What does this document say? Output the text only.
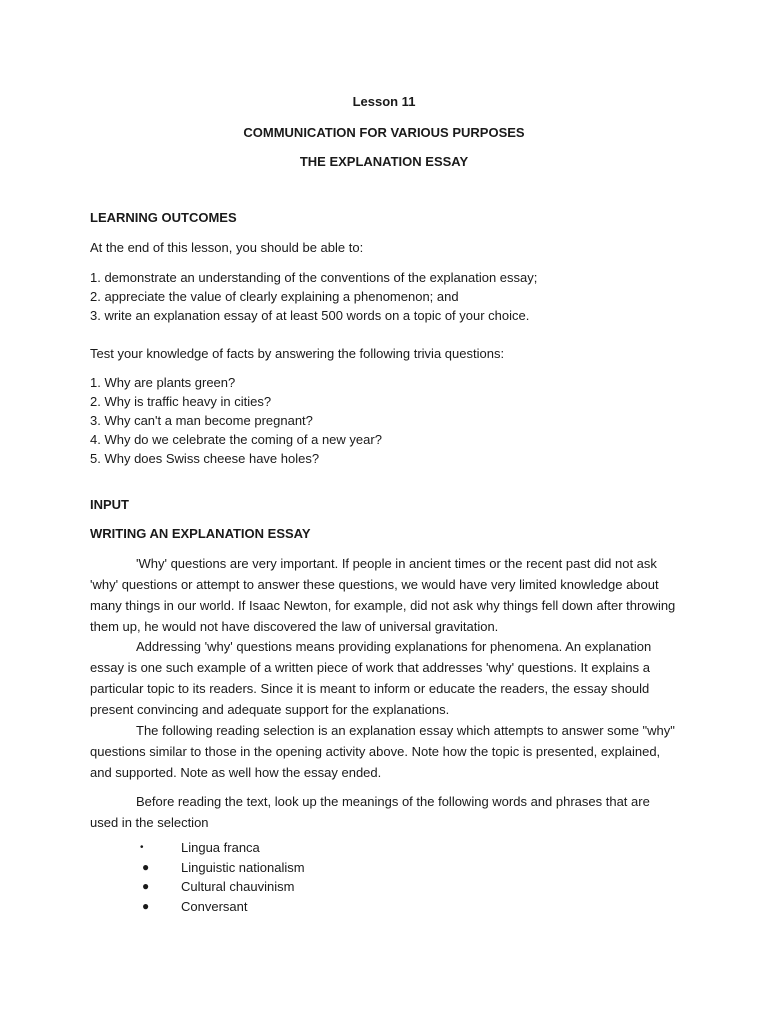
Lesson 11
COMMUNICATION FOR VARIOUS PURPOSES
THE EXPLANATION ESSAY
LEARNING OUTCOMES
At the end of this lesson, you should be able to:
1. demonstrate an understanding of the conventions of the explanation essay;
2. appreciate the value of clearly explaining a phenomenon; and
3. write an explanation essay of at least 500 words on a topic of your choice.
Test your knowledge of facts by answering the following trivia questions:
1. Why are plants green?
2. Why is traffic heavy in cities?
3. Why can't a man become pregnant?
4. Why do we celebrate the coming of a new year?
5. Why does Swiss cheese have holes?
INPUT
WRITING AN EXPLANATION ESSAY

'Why' questions are very important. If people in ancient times or the recent past did not ask 'why' questions or attempt to answer these questions, we would have very limited knowledge about many things in our world. If Isaac Newton, for example, did not ask why things fell down after throwing them up, he would not have discovered the law of universal gravitation.

Addressing 'why' questions means providing explanations for phenomena. An explanation essay is one such example of a written piece of work that addresses 'why' questions. It explains a particular topic to its readers. Since it is meant to inform or educate the readers, the essay should present convincing and adequate support for the explanations.

The following reading selection is an explanation essay which attempts to answer some "why" questions similar to those in the opening activity above. Note how the topic is presented, explained, and supported. Note as well how the essay ended.

Before reading the text, look up the meanings of the following words and phrases that are used in the selection

•	Lingua franca
● Linguistic nationalism
● Cultural chauvinism
● Conversant
